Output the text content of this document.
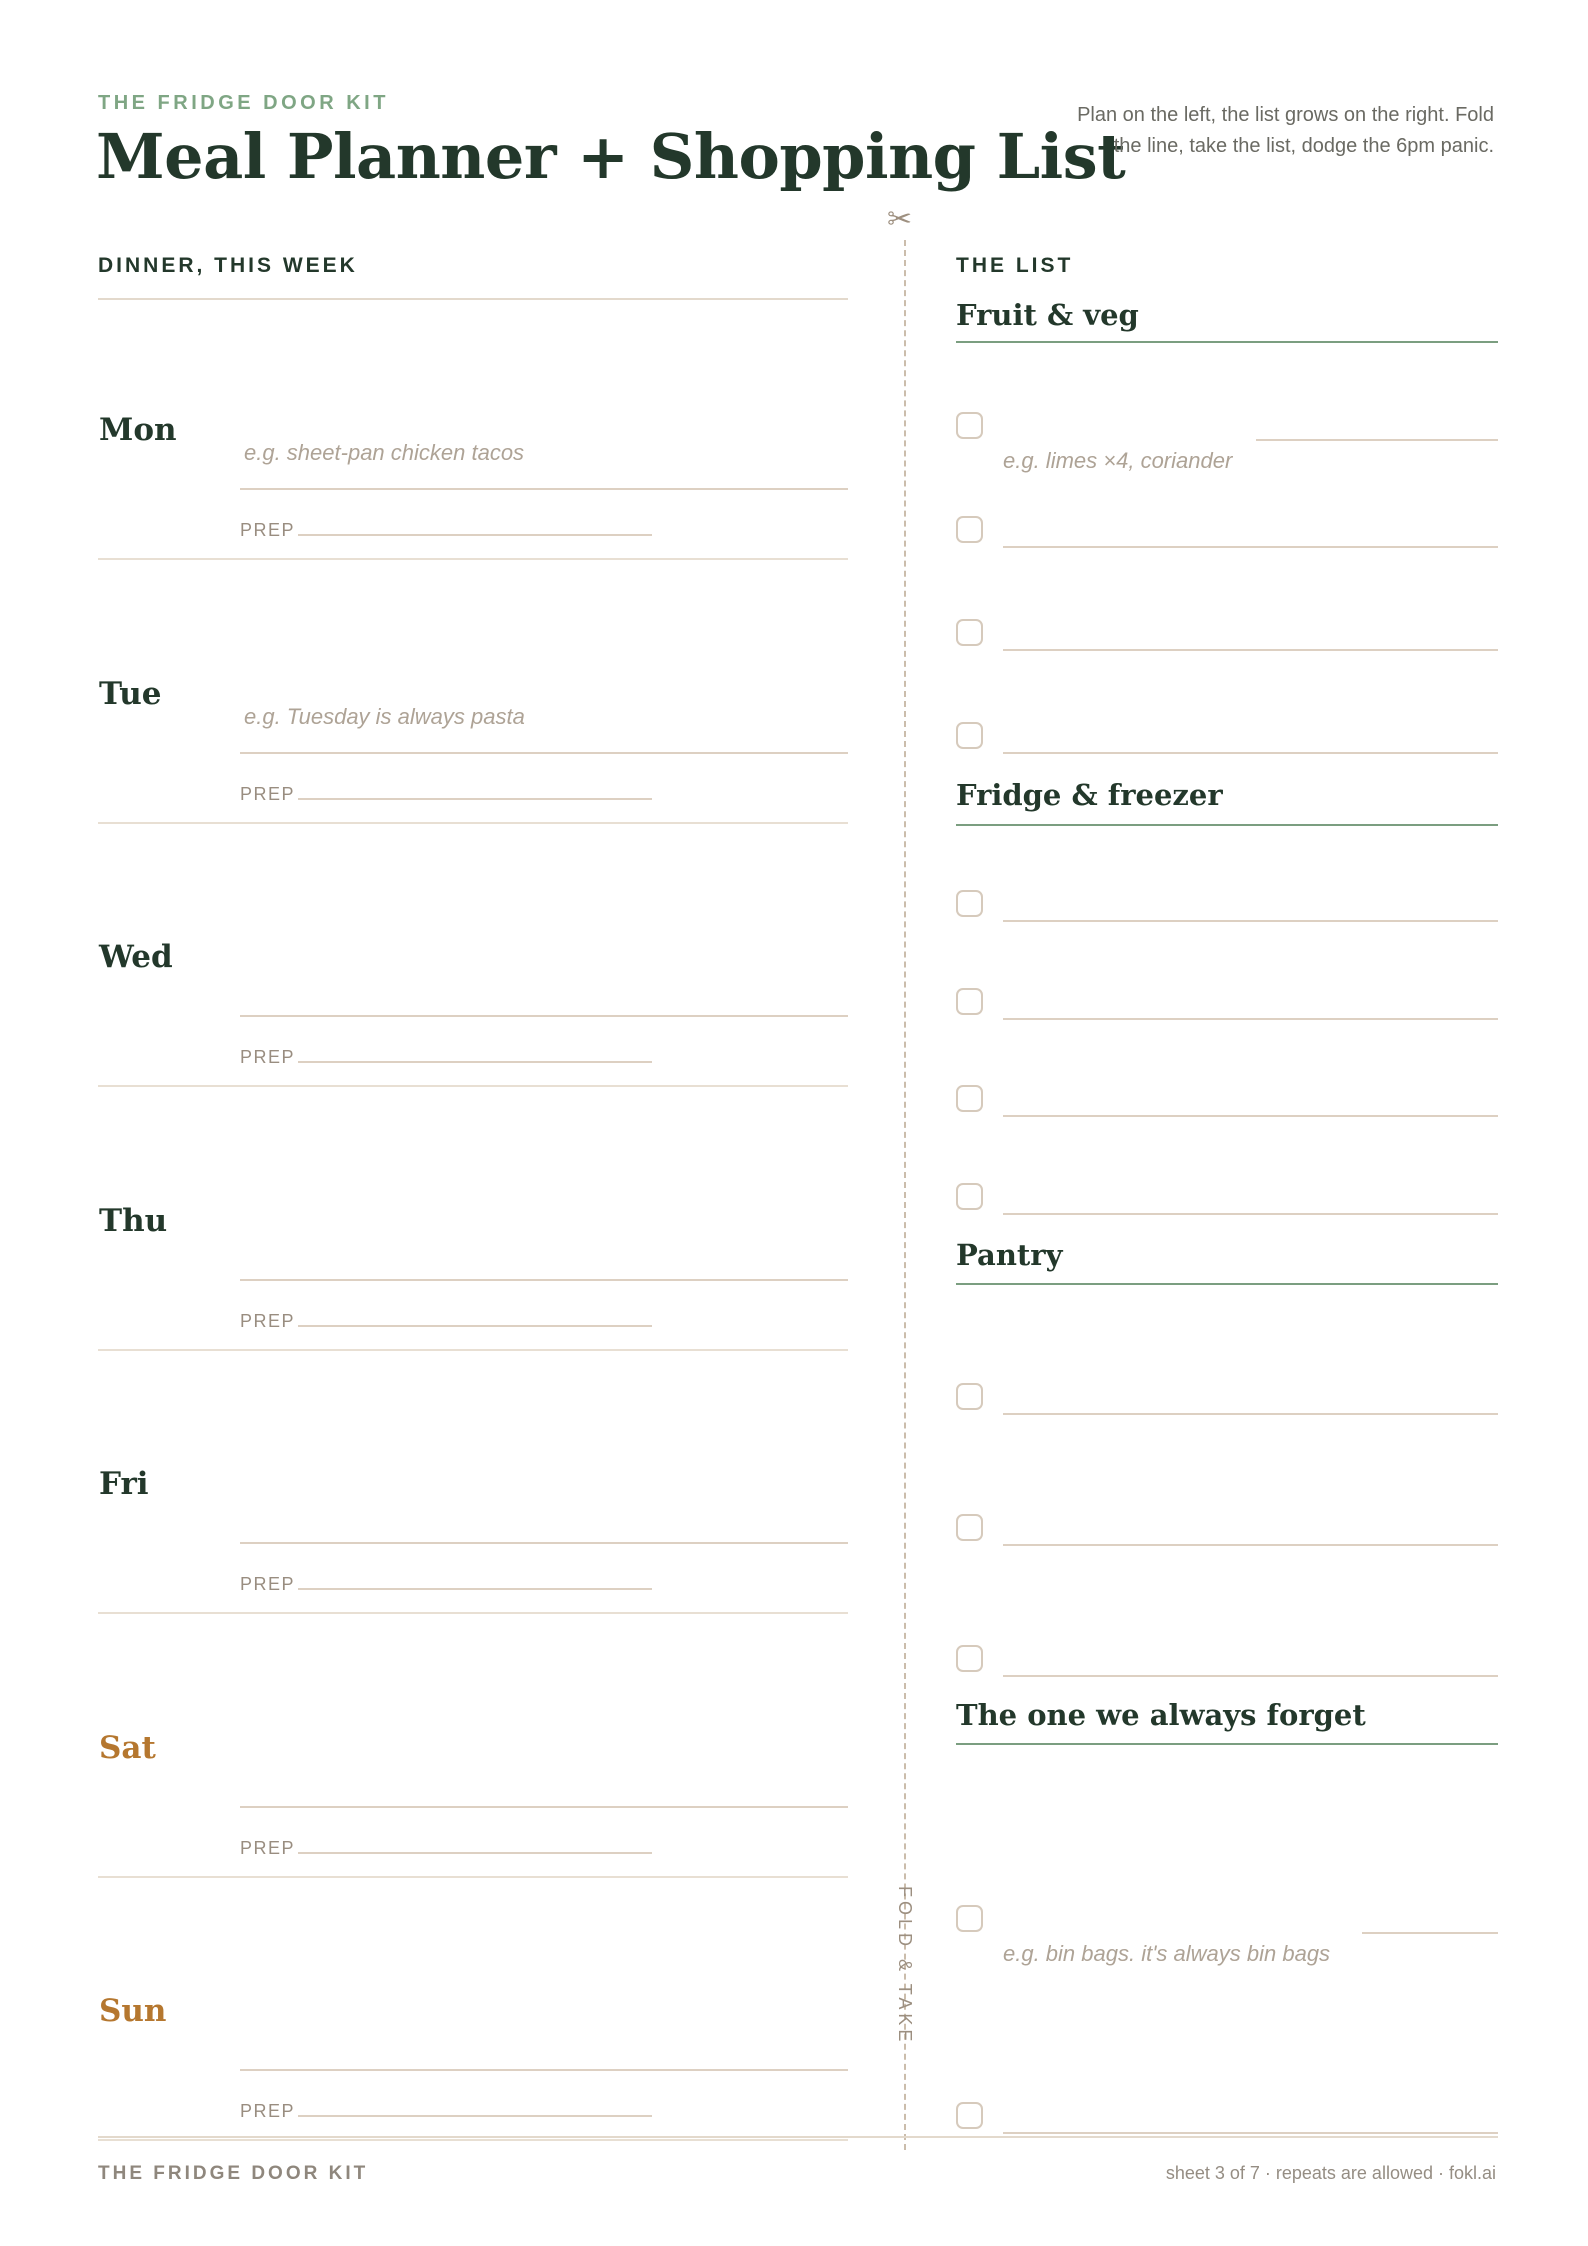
THE FRIDGE DOOR KIT
Meal Planner + Shopping List
Plan on the left, the list grows on the right. Fold the line, take the list, dodge the 6pm panic.
✂
FOLD & TAKE
DINNER, THIS WEEK
Mon
e.g. sheet-pan chicken tacos
PREP
Tue
e.g. Tuesday is always pasta
PREP
Wed
PREP
Thu
PREP
Fri
PREP
Sat
PREP
Sun
PREP
THE LIST
Fruit & veg
e.g. limes ×4, coriander
Fridge & freezer
Pantry
The one we always forget
e.g. bin bags. it's always bin bags
THE FRIDGE DOOR KIT	sheet 3 of 7 · repeats are allowed · fokl.ai
